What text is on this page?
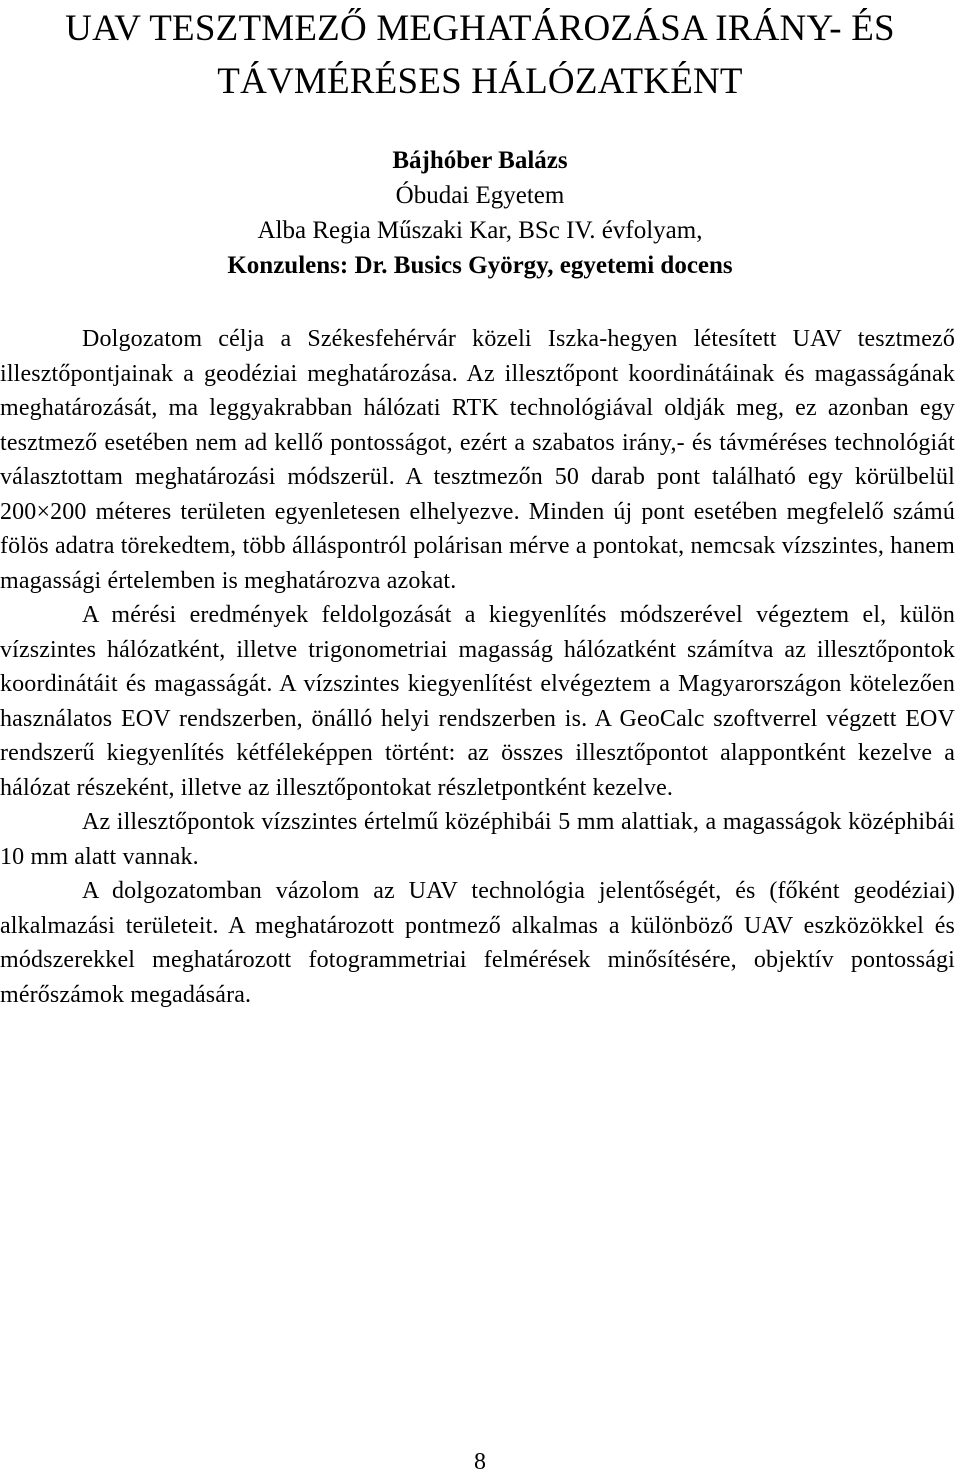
UAV TESZTMEZŐ MEGHATÁROZÁSA IRÁNY- ÉS
TÁVMÉRÉSES HÁLÓZATKÉNT
Bájhóber Balázs
Óbudai Egyetem
Alba Regia Műszaki Kar, BSc IV. évfolyam,
Konzulens: Dr. Busics György, egyetemi docens

Dolgozatom célja a Székesfehérvár közeli Iszka-hegyen létesített UAV tesztmező illesztőpontjainak a geodéziai meghatározása. Az illesztőpont koordinátáinak és magasságának meghatározását, ma leggyakrabban hálózati RTK technológiával oldják meg, ez azonban egy tesztmező esetében nem ad kellő pontosságot, ezért a szabatos irány,- és távméréses technológiát választottam meghatározási módszerül. A tesztmezőn 50 darab pont található egy körülbelül 200×200 méteres területen egyenletesen elhelyezve. Minden új pont esetében megfelelő számú fölös adatra törekedtem, több álláspontról polárisan mérve a pontokat, nemcsak vízszintes, hanem magassági értelemben is meghatározva azokat.

A mérési eredmények feldolgozását a kiegyenlítés módszerével végeztem el, külön vízszintes hálózatként, illetve trigonometriai magasság hálózatként számítva az illesztőpontok koordinátáit és magasságát. A vízszintes kiegyenlítést elvégeztem a Magyarországon kötelezően használatos EOV rendszerben, önálló helyi rendszerben is. A GeoCalc szoftverrel végzett EOV rendszerű kiegyenlítés kétféleképpen történt: az összes illesztőpontot alappontként kezelve a hálózat részeként, illetve az illesztőpontokat részletpontként kezelve.

Az illesztőpontok vízszintes értelmű középhibái 5 mm alattiak, a magasságok középhibái 10 mm alatt vannak.

A dolgozatomban vázolom az UAV technológia jelentőségét, és (főként geodéziai) alkalmazási területeit. A meghatározott pontmező alkalmas a különböző UAV eszközökkel és módszerekkel meghatározott fotogrammetriai felmérések minősítésére, objektív pontossági mérőszámok megadására.

8
